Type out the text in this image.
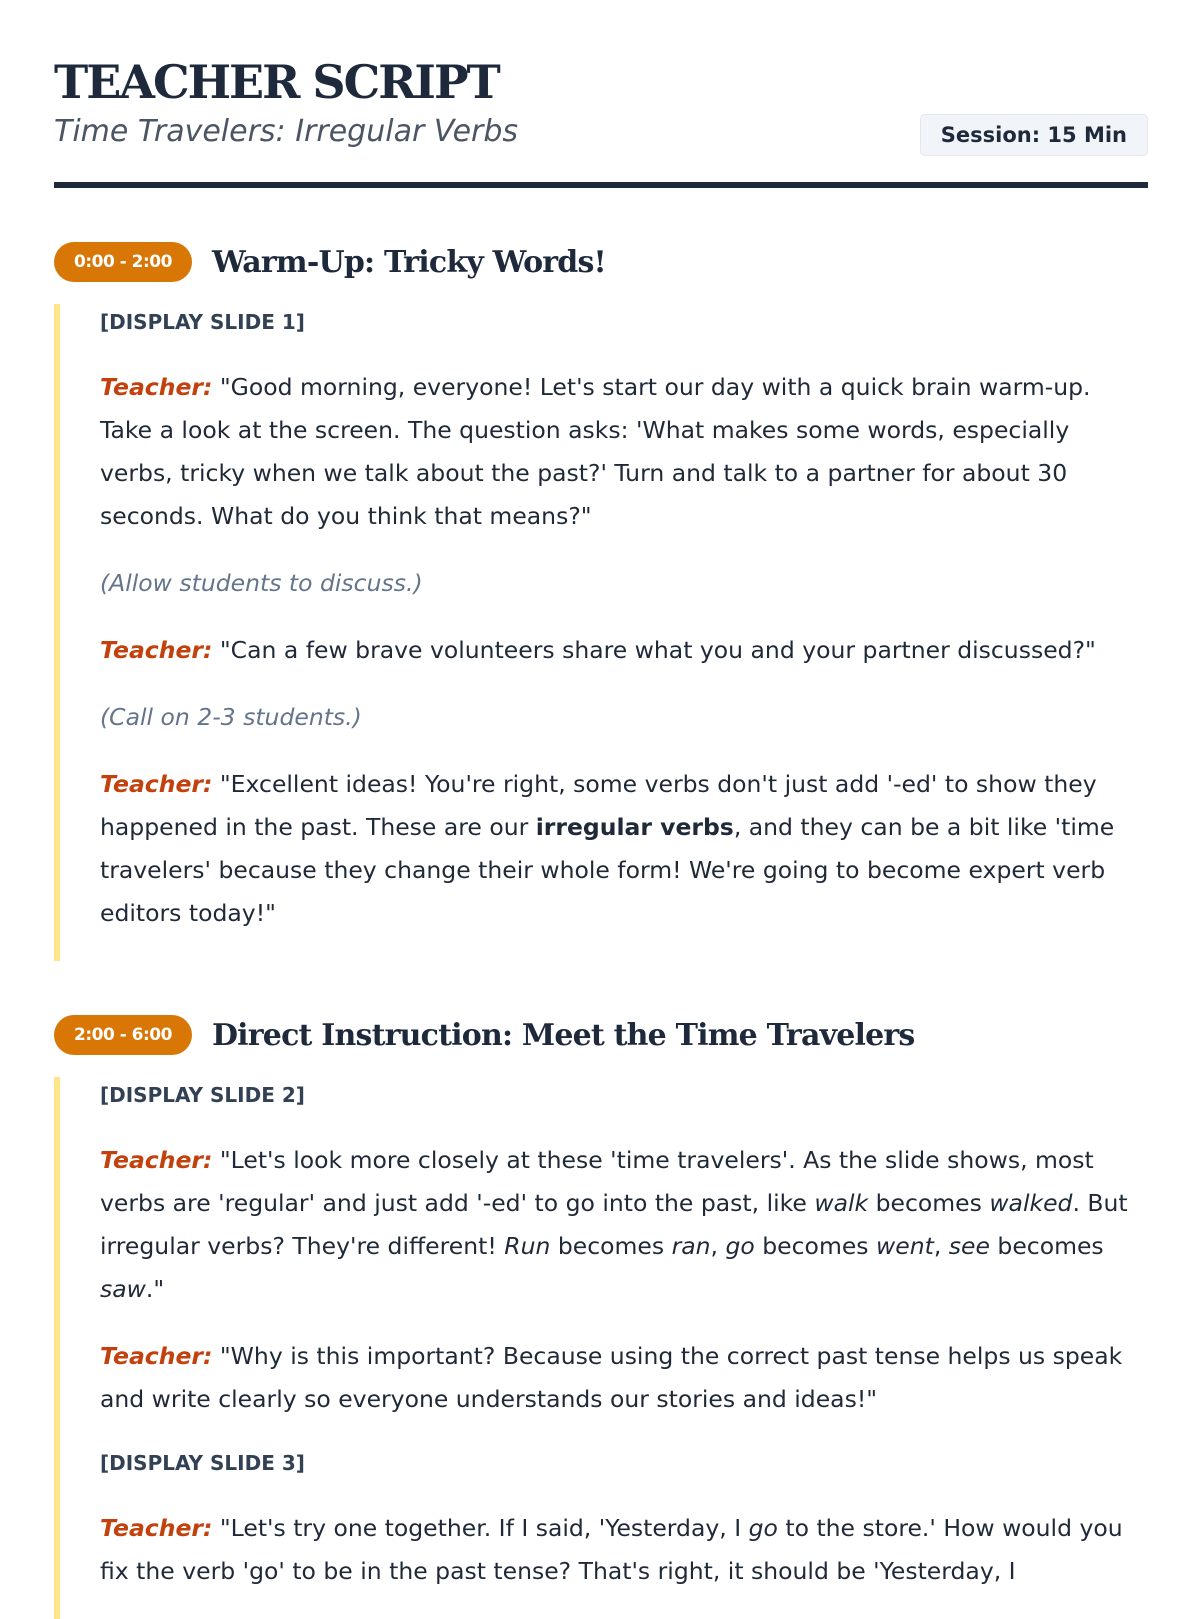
TEACHER SCRIPT
Time Travelers: Irregular Verbs	Session: 15 Min
0:00 - 2:00	Warm-Up: Tricky Words!

[DISPLAY SLIDE 1]

Teacher: "Good morning, everyone! Let's start our day with a quick brain warm-up. Take a look at the screen. The question asks: 'What makes some words, especially verbs, tricky when we talk about the past?' Turn and talk to a partner for about 30 seconds. What do you think that means?"

(Allow students to discuss.)

Teacher: "Can a few brave volunteers share what you and your partner discussed?"

(Call on 2-3 students.)

Teacher: "Excellent ideas! You're right, some verbs don't just add '-ed' to show they happened in the past. These are our irregular verbs, and they can be a bit like 'time travelers' because they change their whole form! We're going to become expert verb editors today!"

2:00 - 6:00	Direct Instruction: Meet the Time Travelers

[DISPLAY SLIDE 2]

Teacher: "Let's look more closely at these 'time travelers'. As the slide shows, most verbs are 'regular' and just add '-ed' to go into the past, like walk becomes walked. But irregular verbs? They're different! Run becomes ran, go becomes went, see becomes saw."

Teacher: "Why is this important? Because using the correct past tense helps us speak and write clearly so everyone understands our stories and ideas!"

[DISPLAY SLIDE 3]

Teacher: "Let's try one together. If I said, 'Yesterday, I go to the store.' How would you fix the verb 'go' to be in the past tense? That's right, it should be 'Yesterday, I
